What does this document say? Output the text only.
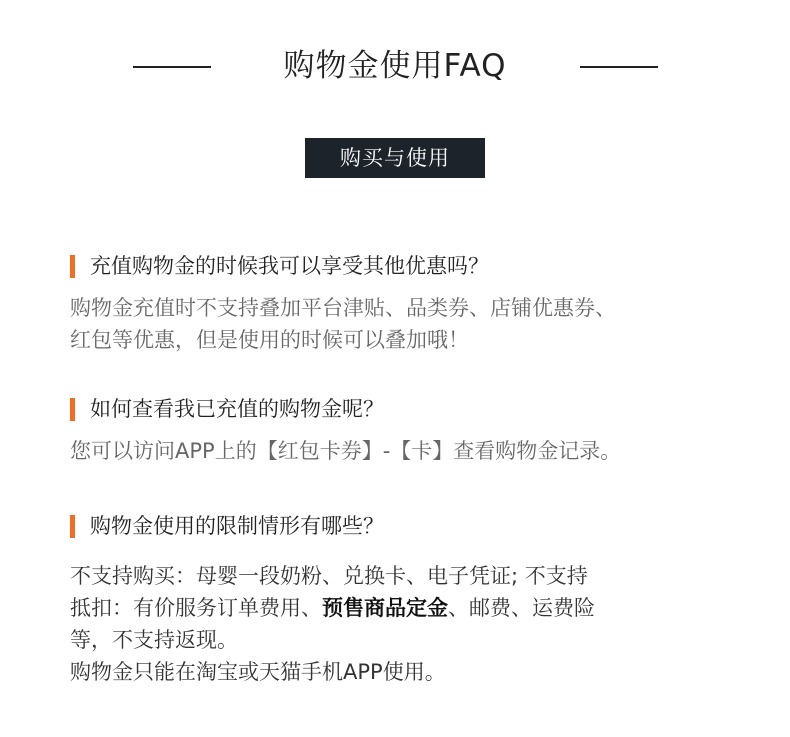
购物金使用FAQ
购买与使用
充值购物金的时候我可以享受其他优惠吗？

购物金充值时不支持叠加平台津贴、品类券、店铺优惠券、

红包等优惠，但是使用的时候可以叠加哦！

如何查看我已充值的购物金呢？

您可以访问APP上的【红包卡券】-【卡】查看购物金记录。

购物金使用的限制情形有哪些？

不支持购买：母婴一段奶粉、兑换卡、电子凭证; 不支持

抵扣：有价服务订单费用、预售商品定金、邮费、运费险

等，不支持返现。

购物金只能在淘宝或天猫手机APP使用。
